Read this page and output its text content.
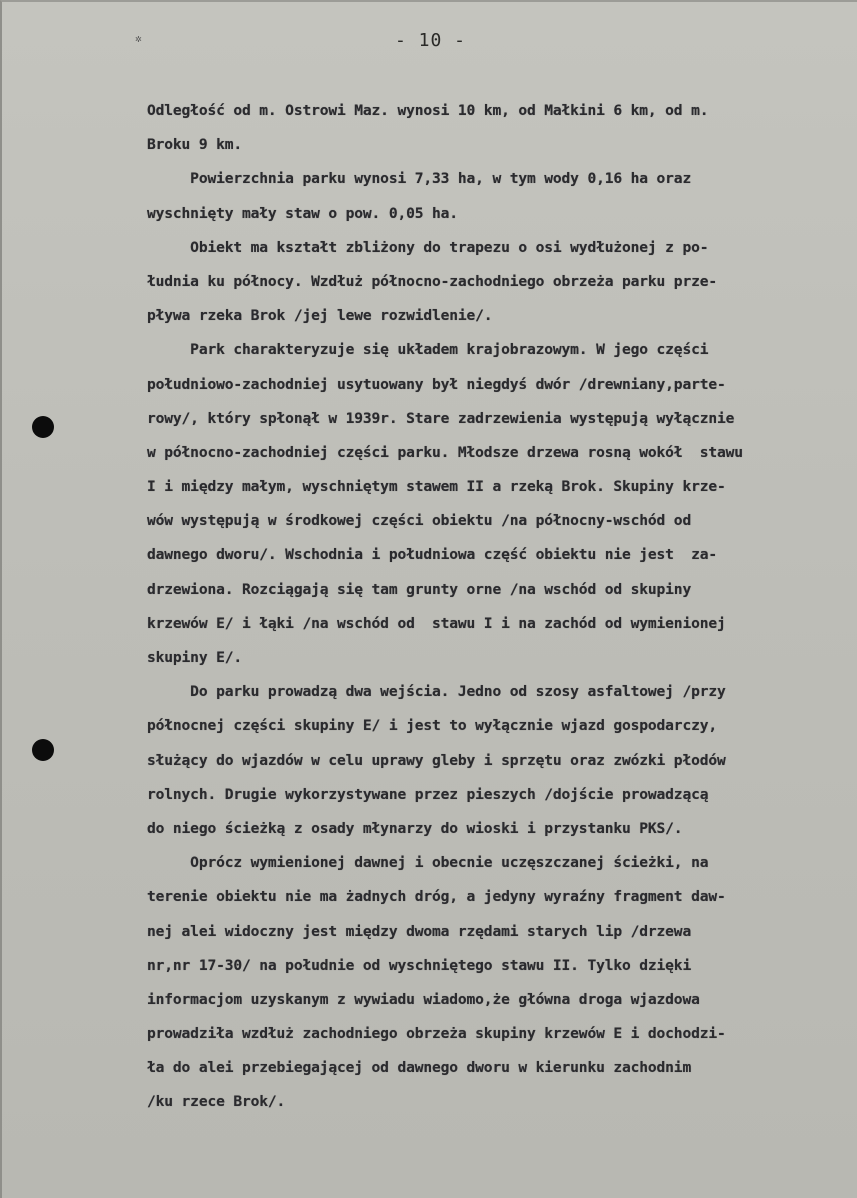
✲	- 10 -
Odległość od m. Ostrowi Maz. wynosi 10 km, od Małkini 6 km, od m.
Broku 9 km.
Powierzchnia parku wynosi 7,33 ha, w tym wody 0,16 ha oraz
wyschnięty mały staw o pow. 0,05 ha.
Obiekt ma kształt zbliżony do trapezu o osi wydłużonej z po-
łudnia ku północy. Wzdłuż północno-zachodniego obrzeża parku prze-
pływa rzeka Brok /jej lewe rozwidlenie/.
Park charakteryzuje się układem krajobrazowym. W jego części
południowo-zachodniej usytuowany był niegdyś dwór /drewniany,parte-
rowy/, który spłonął w 1939r. Stare zadrzewienia występują wyłącznie
w północno-zachodniej części parku. Młodsze drzewa rosną wokół  stawu
I i między małym, wyschniętym stawem II a rzeką Brok. Skupiny krze-
wów występują w środkowej części obiektu /na północny-wschód od
dawnego dworu/. Wschodnia i południowa część obiektu nie jest  za-
drzewiona. Rozciągają się tam grunty orne /na wschód od skupiny
krzewów E/ i łąki /na wschód od  stawu I i na zachód od wymienionej
skupiny E/.
Do parku prowadzą dwa wejścia. Jedno od szosy asfaltowej /przy
północnej części skupiny E/ i jest to wyłącznie wjazd gospodarczy,
służący do wjazdów w celu uprawy gleby i sprzętu oraz zwózki płodów
rolnych. Drugie wykorzystywane przez pieszych /dojście prowadzącą
do niego ścieżką z osady młynarzy do wioski i przystanku PKS/.
Oprócz wymienionej dawnej i obecnie uczęszczanej ścieżki, na
terenie obiektu nie ma żadnych dróg, a jedyny wyraźny fragment daw-
nej alei widoczny jest między dwoma rzędami starych lip /drzewa
nr,nr 17-30/ na południe od wyschniętego stawu II. Tylko dzięki
informacjom uzyskanym z wywiadu wiadomo,że główna droga wjazdowa
prowadziła wzdłuż zachodniego obrzeża skupiny krzewów E i dochodzi-
ła do alei przebiegającej od dawnego dworu w kierunku zachodnim
/ku rzece Brok/.
